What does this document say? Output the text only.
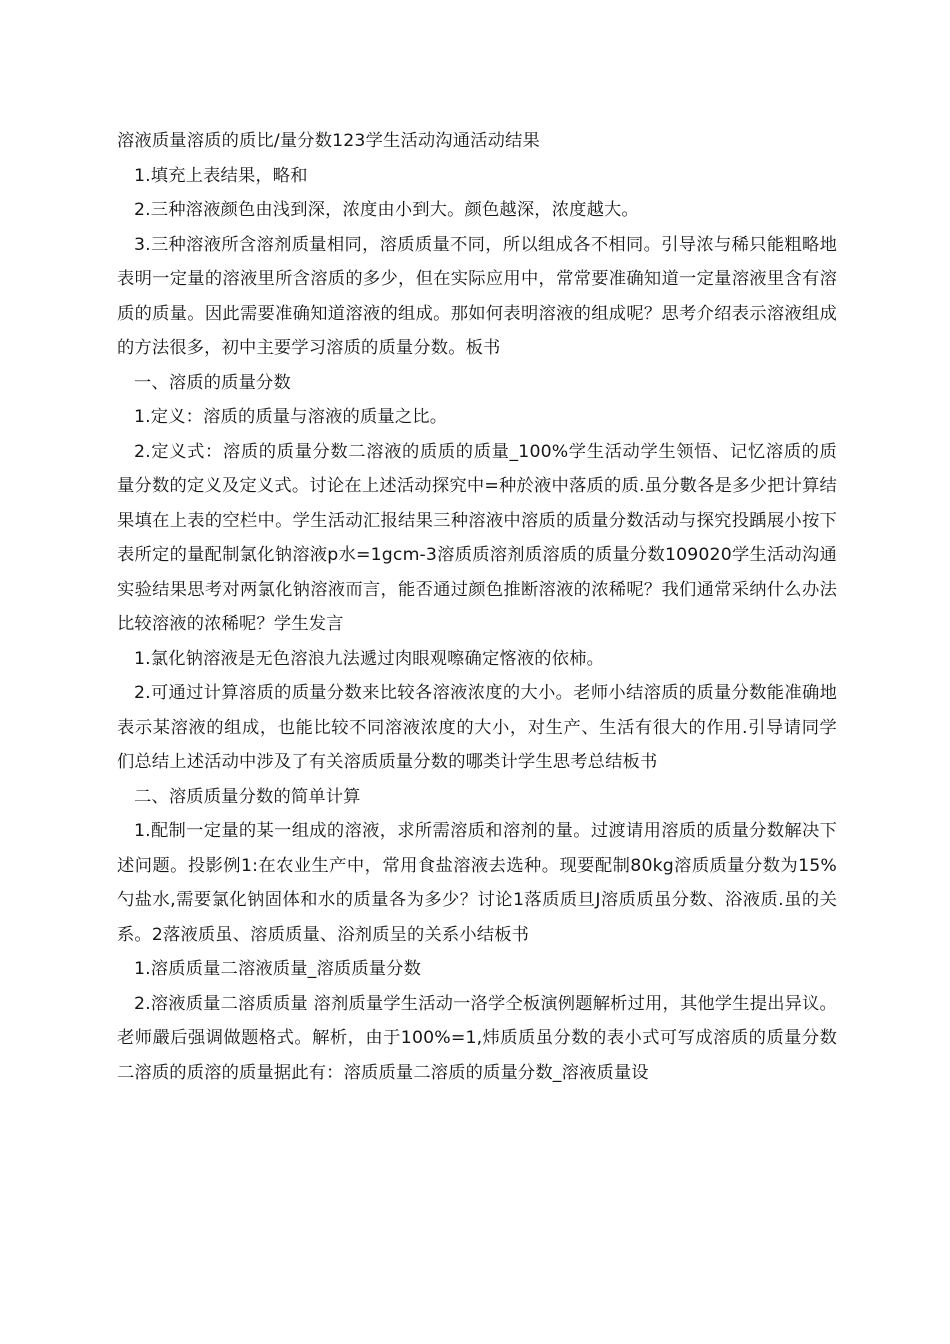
溶液质量溶质的质比/量分数123学生活动沟通活动结果

1.填充上表结果，略和

2.三种溶液颜色由浅到深，浓度由小到大。颜色越深，浓度越大。

3.三种溶液所含溶剂质量相同，溶质质量不同，所以组成各不相同。引导浓与稀只能粗略地表明一定量的溶液里所含溶质的多少，但在实际应用中，常常要准确知道一定量溶液里含有溶质的质量。因此需要准确知道溶液的组成。那如何表明溶液的组成呢？思考介绍表示溶液组成的方法很多，初中主要学习溶质的质量分数。板书

一、溶质的质量分数

1.定义：溶质的质量与溶液的质量之比。

2.定义式：溶质的质量分数二溶液的质质的质量_100%学生活动学生领悟、记忆溶质的质量分数的定义及定义式。讨论在上述活动探究中=种於液中落质的质.虽分數各是多少把计算结果填在上表的空栏中。学生活动汇报结果三种溶液中溶质的质量分数活动与探究投踽展小按下表所定的量配制氯化钠溶液p水=1gcm-3溶质质溶剂质溶质的质量分数109020学生活动沟通实验结果思考对两氯化钠溶液而言，能否通过颜色推断溶液的浓稀呢？我们通常采纳什么办法比较溶液的浓稀呢？学生发言

1.氯化钠溶液是无色溶浪九法遞过肉眼观嚓确定愘液的依柿。

2.可通过计算溶质的质量分数来比较各溶液浓度的大小。老师小结溶质的质量分数能准确地表示某溶液的组成，也能比较不同溶液浓度的大小，对生产、生活有很大的作用.引导请同学们总结上述活动中涉及了有关溶质质量分数的哪类计学生思考总结板书

二、溶质质量分数的简单计算

1.配制一定量的某一组成的溶液，求所需溶质和溶剂的量。过渡请用溶质的质量分数解决下述问题。投影例1:在农业生产中，常用食盐溶液去选种。现要配制80kg溶质质量分数为15%勺盐水,需要氯化钠固体和水的质量各为多少？讨论1落质质旦J溶质质虽分数、浴液质.虽的关系。2落液质虽、溶质质量、浴剂质呈的关系小结板书

1.溶质质量二溶液质量_溶质质量分数

2.溶液质量二溶质质量 溶剂质量学生活动一洛学仝板演例题解析过用，其他学生提出异议。老师嚴后强调做题格式。解析，由于100%=1,炜质质虽分数的表小式可写成溶质的质量分数二溶质的质溶的质量据此有：溶质质量二溶质的质量分数_溶液质量设
